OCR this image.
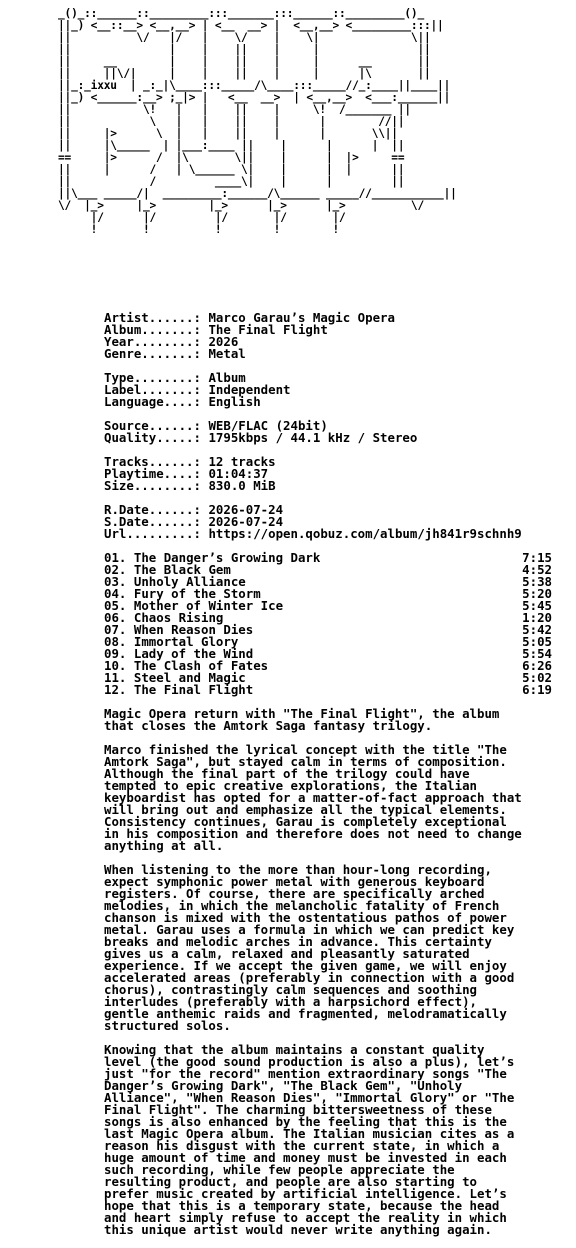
_()_::______::_________:::_______:::______::_________()_
||_) <__::__> <__,__> | <__  __> |  <__,__> <_________:::||
||          \/   |/   |    \/    |    \|              \||
||               |    |    ||    |     |               ||
||     __        |    |    ||    |     |      __       ||
||     ||\/|     |    |    ||    |     |      |\       ||
||_:_ixxu  | _:_|\____:::_____/\____:::_____//_:____||____||
||_) <______:__> ;_|> |   <__  __>  | <__,__>  <___:______||
||           \!   |   |    ||    |     \!  /_______ ||
||            \   |   |    ||    |      |        //||
||     |>      \  |   |    ||    |      |       \\||
||     |\_____  | |___:____ ||    |      |      |  ||
==     |>      /  |\       \||    |      |  |>     ==
||     |      /   | \______ \|    |      |  |      ||
||            /         ____\|    |      |         ||
||\___ _____/|  _________:______/\______ _____//___________||
\/  |_>     |_>        |_>      |_>      |_>          \/
|/      |/         |/       |/       |/
!       !          !        !        !
Artist......: Marco Garau’s Magic Opera
Album.......: The Final Flight
Year........: 2026
Genre.......: Metal
Type........: Album
Label.......: Independent
Language....: English
Source......: WEB/FLAC (24bit)
Quality.....: 1795kbps / 44.1 kHz / Stereo
Tracks......: 12 tracks
Playtime....: 01:04:37
Size........: 830.0 MiB
R.Date......: 2026-07-24
S.Date......: 2026-07-24
Url.........: https://open.qobuz.com/album/jh841r9schnh9
01. The Danger’s Growing Dark	7:15
02. The Black Gem	4:52
03. Unholy Alliance	5:38
04. Fury of the Storm	5:20
05. Mother of Winter Ice	5:45
06. Chaos Rising	1:20
07. When Reason Dies	5:42
08. Immortal Glory	5:05
09. Lady of the Wind	5:54
10. The Clash of Fates	6:26
11. Steel and Magic	5:02
12. The Final Flight	6:19
Magic Opera return with "The Final Flight", the album
that closes the Amtork Saga fantasy trilogy.
Marco finished the lyrical concept with the title "The
Amtork Saga", but stayed calm in terms of composition.
Although the final part of the trilogy could have
tempted to epic creative explorations, the Italian
keyboardist has opted for a matter-of-fact approach that
will bring out and emphasize all the typical elements.
Consistency continues, Garau is completely exceptional
in his composition and therefore does not need to change
anything at all.
When listening to the more than hour-long recording,
expect symphonic power metal with generous keyboard
registers. Of course, there are specifically arched
melodies, in which the melancholic fatality of French
chanson is mixed with the ostentatious pathos of power
metal. Garau uses a formula in which we can predict key
breaks and melodic arches in advance. This certainty
gives us a calm, relaxed and pleasantly saturated
experience. If we accept the given game, we will enjoy
accelerated areas (preferably in connection with a good
chorus), contrastingly calm sequences and soothing
interludes (preferably with a harpsichord effect),
gentle anthemic raids and fragmented, melodramatically
structured solos.
Knowing that the album maintains a constant quality
level (the good sound production is also a plus), let’s
just "for the record" mention extraordinary songs "The
Danger’s Growing Dark", "The Black Gem", "Unholy
Alliance", "When Reason Dies", "Immortal Glory" or "The
Final Flight". The charming bittersweetness of these
songs is also enhanced by the feeling that this is the
last Magic Opera album. The Italian musician cites as a
reason his disgust with the current state, in which a
huge amount of time and money must be invested in each
such recording, while few people appreciate the
resulting product, and people are also starting to
prefer music created by artificial intelligence. Let’s
hope that this is a temporary state, because the head
and heart simply refuse to accept the reality in which
this unique artist would never write anything again.
